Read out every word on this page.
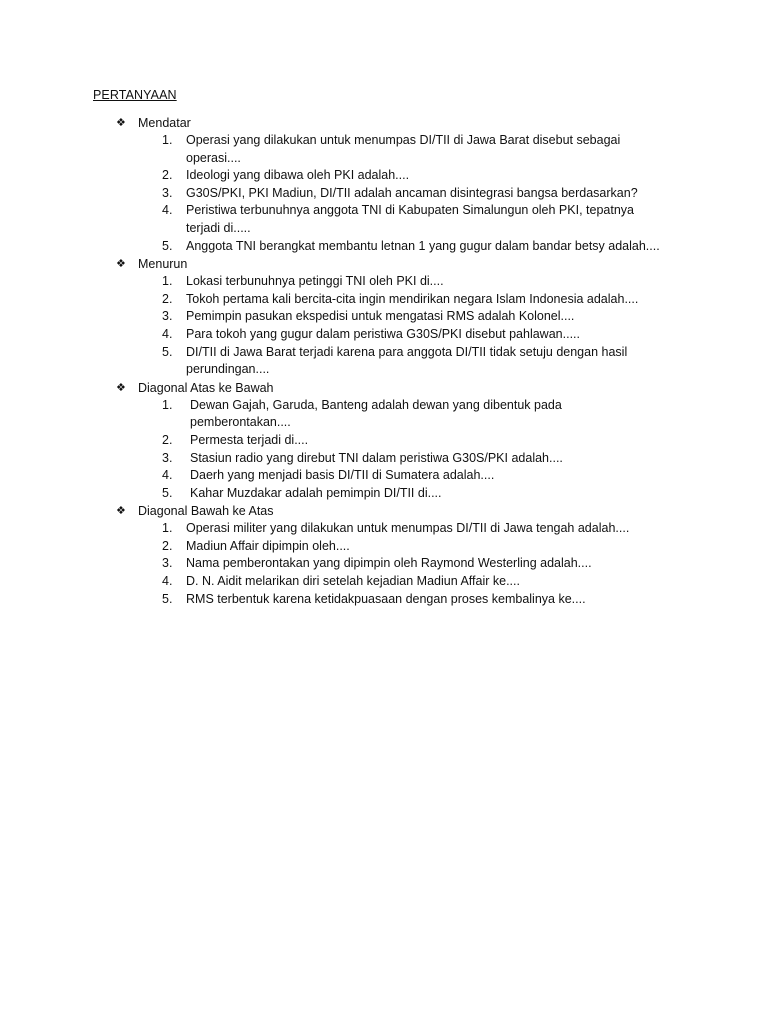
PERTANYAAN
❖ Mendatar
1.	Operasi yang dilakukan untuk menumpas DI/TII di Jawa Barat disebut sebagai operasi....
2.	Ideologi yang dibawa oleh PKI adalah....
3.	G30S/PKI, PKI Madiun, DI/TII adalah ancaman disintegrasi bangsa berdasarkan?
4.	Peristiwa terbunuhnya anggota TNI di Kabupaten Simalungun oleh PKI, tepatnya terjadi di.....
5.	Anggota TNI berangkat membantu letnan 1 yang gugur dalam bandar betsy adalah....
❖ Menurun
1.	Lokasi terbunuhnya petinggi TNI oleh PKI di....
2.	Tokoh pertama kali bercita-cita ingin mendirikan negara Islam Indonesia adalah....
3.	Pemimpin pasukan ekspedisi untuk mengatasi RMS adalah Kolonel....
4.	Para tokoh yang gugur dalam peristiwa G30S/PKI disebut pahlawan.....
5.	DI/TII di Jawa Barat terjadi karena para anggota DI/TII tidak setuju dengan hasil perundingan....
❖ Diagonal Atas ke Bawah
1.	Dewan Gajah, Garuda, Banteng adalah dewan yang dibentuk pada pemberontakan....
2.	Permesta terjadi di....
3.	Stasiun radio yang direbut TNI dalam peristiwa G30S/PKI adalah....
4.	Daerh yang menjadi basis DI/TII di Sumatera adalah....
5.	Kahar Muzdakar adalah pemimpin DI/TII di....
❖ Diagonal Bawah ke Atas
1.	Operasi militer yang dilakukan untuk menumpas DI/TII di Jawa tengah adalah....
2.	Madiun Affair dipimpin oleh....
3.	Nama pemberontakan yang dipimpin oleh Raymond Westerling adalah....
4.	D. N. Aidit melarikan diri setelah kejadian Madiun Affair ke....
5.	RMS terbentuk karena ketidakpuasaan dengan proses kembalinya ke....
